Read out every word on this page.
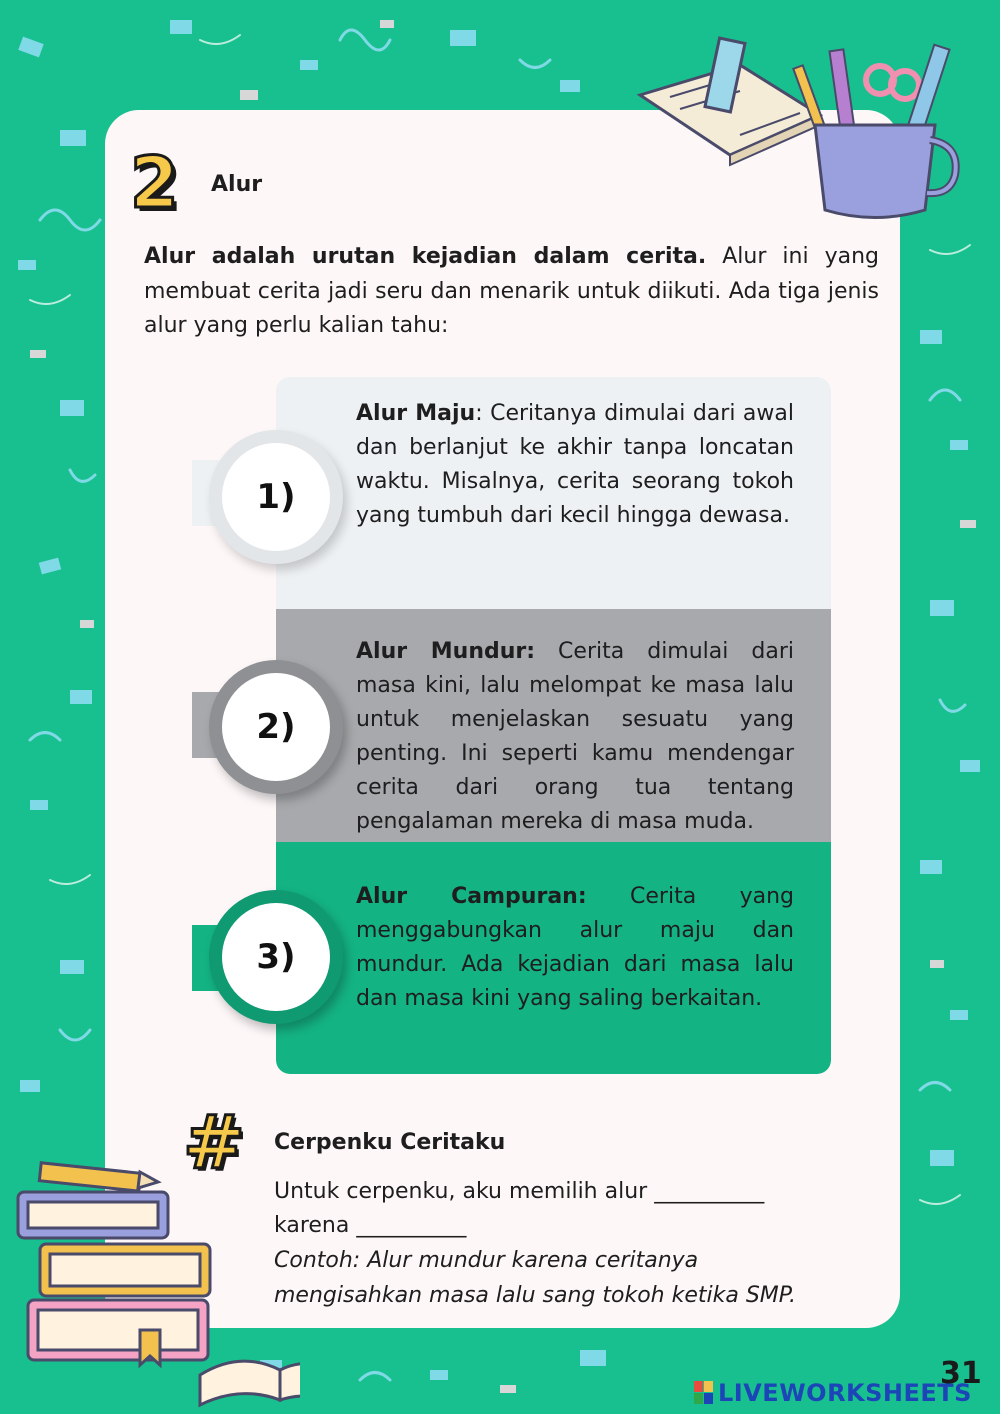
2	Alur

Alur adalah urutan kejadian dalam cerita. Alur ini yang membuat cerita jadi seru dan menarik untuk diikuti. Ada tiga jenis alur yang perlu kalian tahu:

1)
2)
3)

Alur Maju: Ceritanya dimulai dari awal dan berlanjut ke akhir tanpa loncatan waktu. Misalnya, cerita seorang tokoh yang tumbuh dari kecil hingga dewasa.

Alur Mundur: Cerita dimulai dari masa kini, lalu melompat ke masa lalu untuk menjelaskan sesuatu yang penting. Ini seperti kamu mendengar cerita dari orang tua tentang pengalaman mereka di masa muda.

Alur Campuran: Cerita yang menggabungkan alur maju dan mundur. Ada kejadian dari masa lalu dan masa kini yang saling berkaitan.

#	Cerpenku Ceritaku
Untuk cerpenku, aku memilih alur __________
karena __________
Contoh: Alur mundur karena ceritanya
mengisahkan masa lalu sang tokoh ketika SMP.
31
LIVEWORKSHEETS
